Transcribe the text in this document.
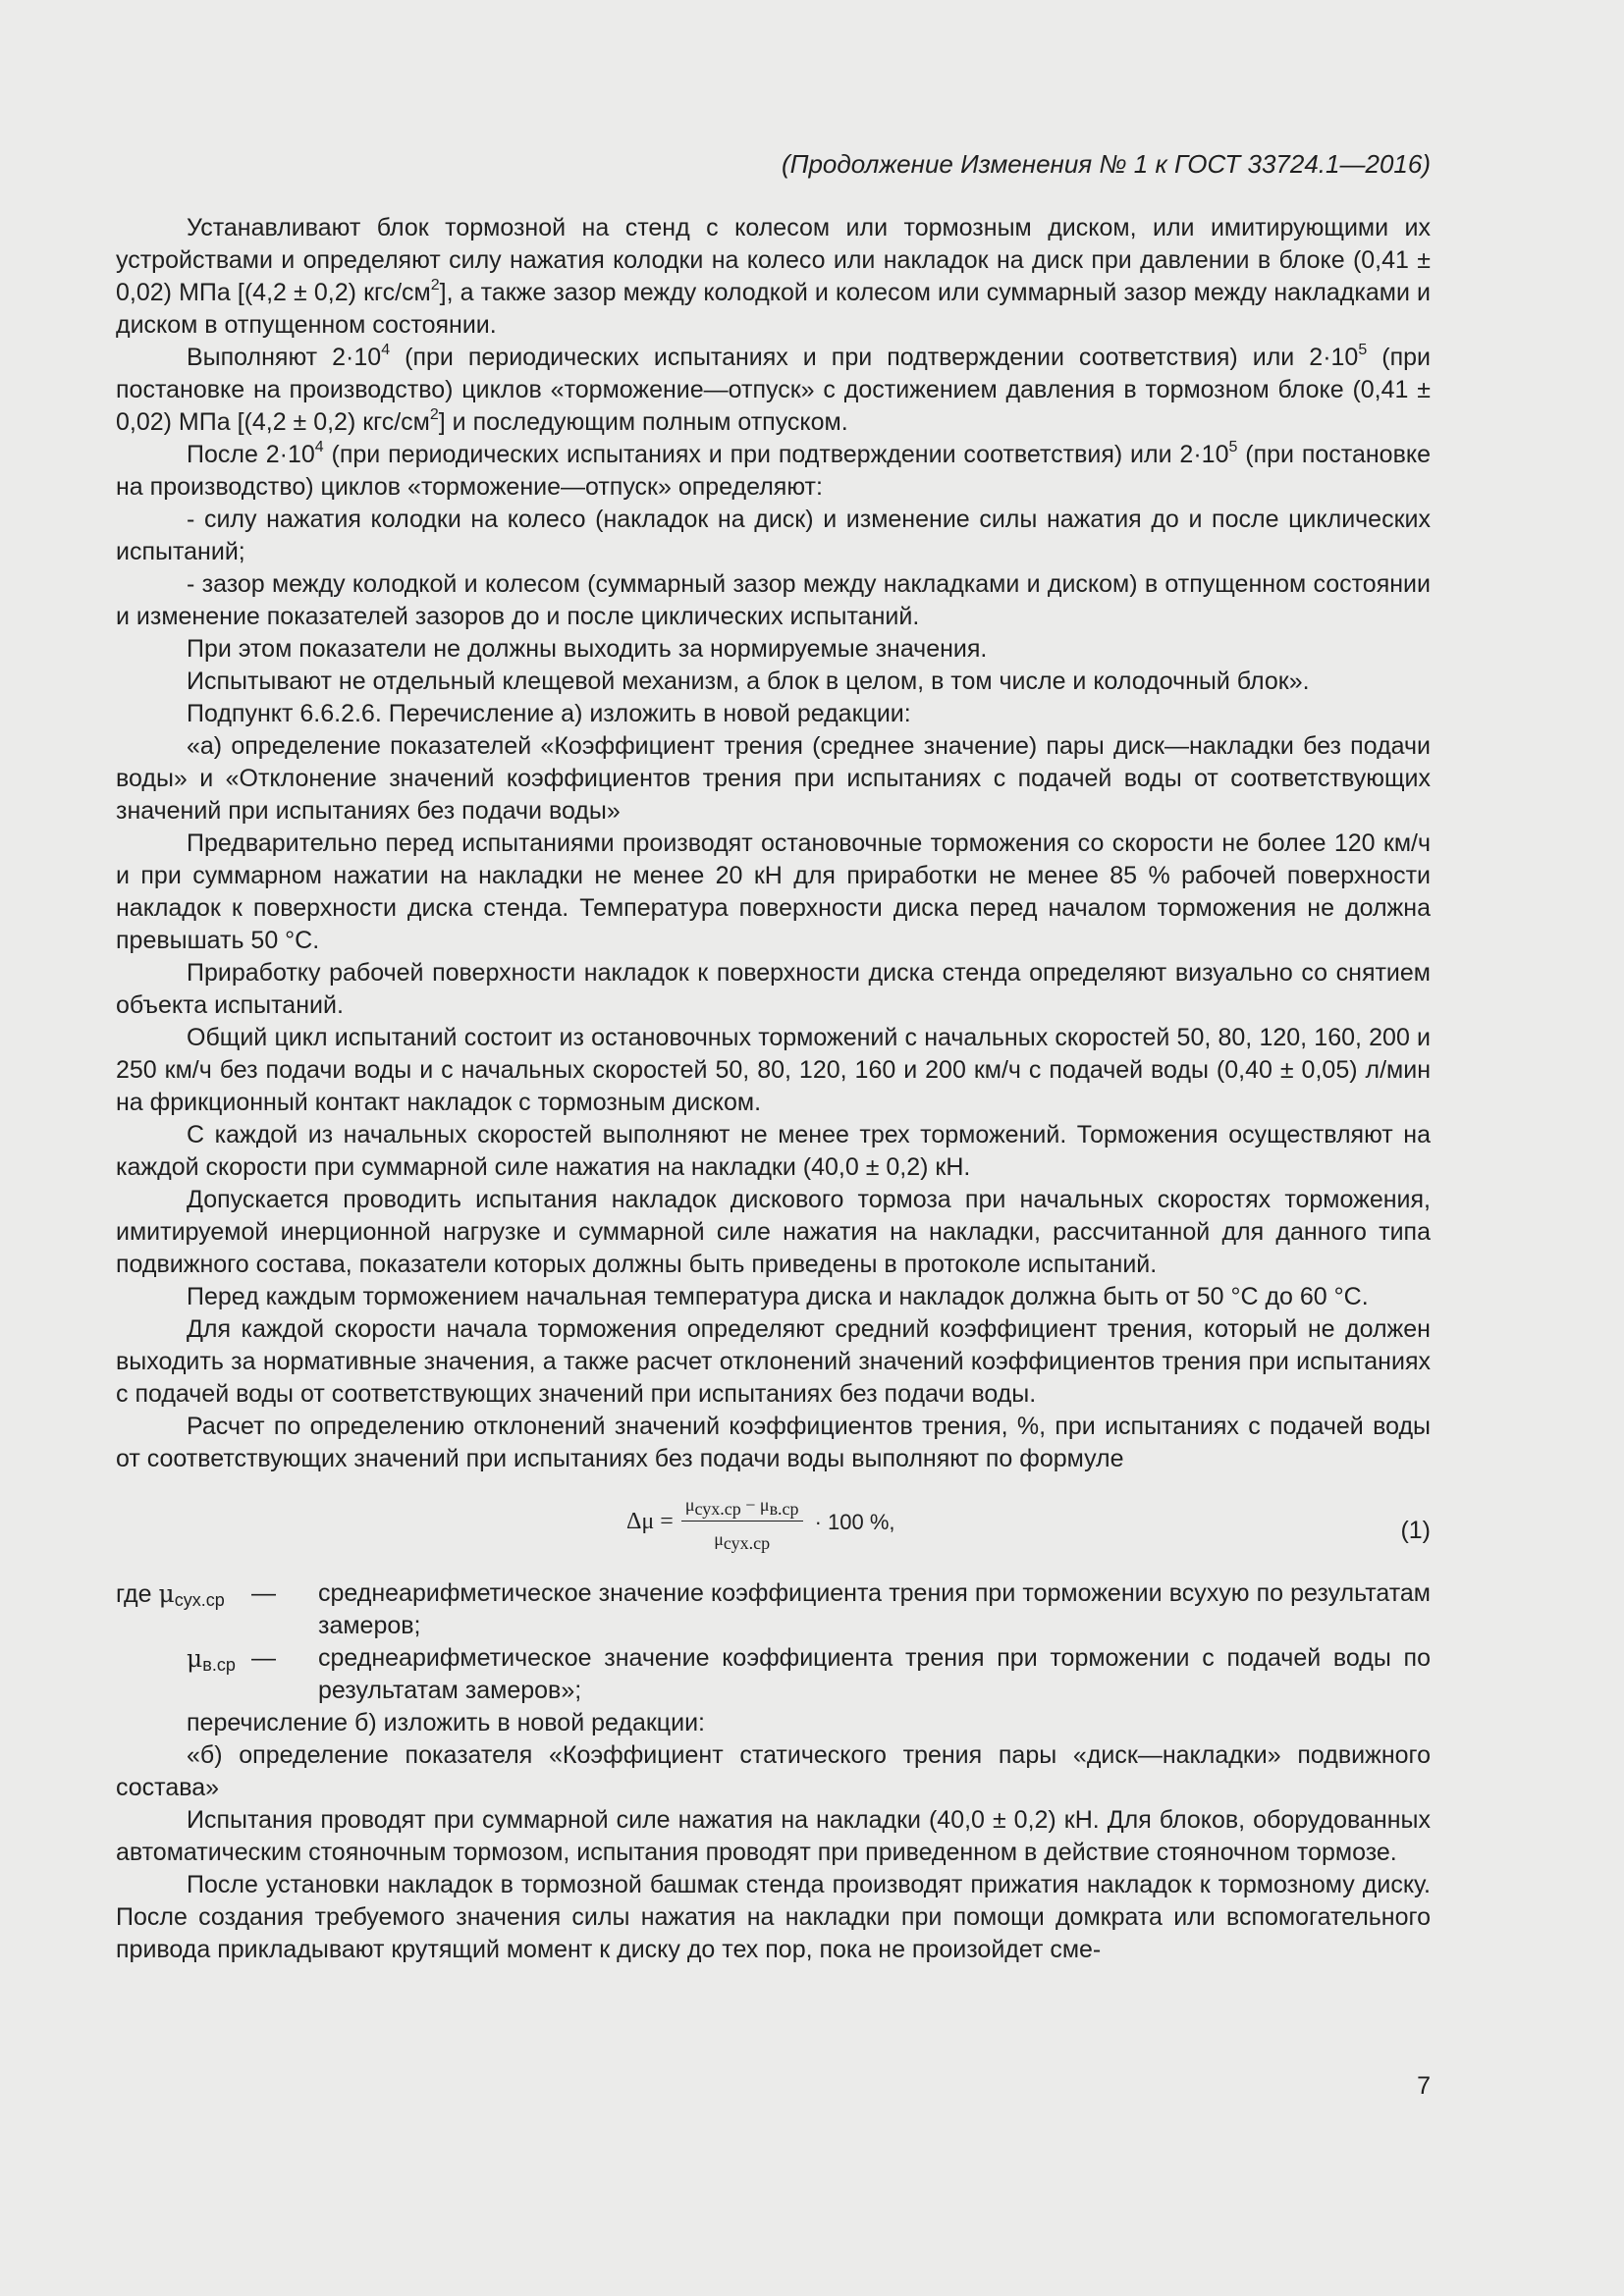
(Продолжение Изменения № 1 к ГОСТ 33724.1—2016)

Устанавливают блок тормозной на стенд с колесом или тормозным диском, или имитирующими их устройствами и определяют силу нажатия колодки на колесо или накладок на диск при давлении в блоке (0,41 ± 0,02) МПа [(4,2 ± 0,2) кгс/$см^2$], а также зазор между колодкой и колесом или суммарный зазор между накладками и диском в отпущенном состоянии.

Выполняют $2\cdot 10^4$ (при периодических испытаниях и при подтверждении соответствия) или $2\cdot 10^5$ (при постановке на производство) циклов «торможение—отпуск» с достижением давления в тормозном блоке (0,41 ± 0,02) МПа [(4,2 ± 0,2) кгс/$см^2$] и последующим полным отпуском.

После $2\cdot 10^4$ (при периодических испытаниях и при подтверждении соответствия) или $2\cdot 10^5$ (при постановке на производство) циклов «торможение—отпуск» определяют:

- силу нажатия колодки на колесо (накладок на диск) и изменение силы нажатия до и после циклических испытаний;

- зазор между колодкой и колесом (суммарный зазор между накладками и диском) в отпущенном состоянии и изменение показателей зазоров до и после циклических испытаний.

При этом показатели не должны выходить за нормируемые значения.

Испытывают не отдельный клещевой механизм, а блок в целом, в том числе и колодочный блок».

Подпункт 6.6.2.6. Перечисление а) изложить в новой редакции:

«а) определение показателей «Коэффициент трения (среднее значение) пары диск—накладки без подачи воды» и «Отклонение значений коэффициентов трения при испытаниях с подачей воды от соответствующих значений при испытаниях без подачи воды»

Предварительно перед испытаниями производят остановочные торможения со скорости не более 120 км/ч и при суммарном нажатии на накладки не менее 20 кН для приработки не менее 85 % рабочей поверхности накладок к поверхности диска стенда. Температура поверхности диска перед началом торможения не должна превышать 50 °С.

Приработку рабочей поверхности накладок к поверхности диска стенда определяют визуально со снятием объекта испытаний.

Общий цикл испытаний состоит из остановочных торможений с начальных скоростей 50, 80, 120, 160, 200 и 250 км/ч без подачи воды и с начальных скоростей 50, 80, 120, 160 и 200 км/ч с подачей воды (0,40 ± 0,05) л/мин на фрикционный контакт накладок с тормозным диском.

С каждой из начальных скоростей выполняют не менее трех торможений. Торможения осуществляют на каждой скорости при суммарной силе нажатия на накладки (40,0 ± 0,2) кН.

Допускается проводить испытания накладок дискового тормоза при начальных скоростях торможения, имитируемой инерционной нагрузке и суммарной силе нажатия на накладки, рассчитанной для данного типа подвижного состава, показатели которых должны быть приведены в протоколе испытаний.

Перед каждым торможением начальная температура диска и накладок должна быть от 50 °С до 60 °С.

Для каждой скорости начала торможения определяют средний коэффициент трения, который не должен выходить за нормативные значения, а также расчет отклонений значений коэффициентов трения при испытаниях с подачей воды от соответствующих значений при испытаниях без подачи воды.

Расчет по определению отклонений значений коэффициентов трения, %, при испытаниях с подачей воды от соответствующих значений при испытаниях без подачи воды выполняют по формуле

$\Delta\mu = \frac{\mu_{сух.ср} - \mu_{в.ср}}{\mu_{сух.ср}} \cdot 100$ %,	(1)
где $\mu_{сух.ср}$	— среднеарифметическое значение коэффициента трения при торможении всухую по результатам замеров;
$\mu_{в.ср}$ — среднеарифметическое значение коэффициента трения при торможении с подачей воды по результатам замеров»;

перечисление б) изложить в новой редакции:

«б) определение показателя «Коэффициент статического трения пары «диск—накладки» подвижного состава»

Испытания проводят при суммарной силе нажатия на накладки (40,0 ± 0,2) кН. Для блоков, оборудованных автоматическим стояночным тормозом, испытания проводят при приведенном в действие стояночном тормозе.

После установки накладок в тормозной башмак стенда производят прижатия накладок к тормозному диску. После создания требуемого значения силы нажатия на накладки при помощи домкрата или вспомогательного привода прикладывают крутящий момент к диску до тех пор, пока не произойдет сме-

7
